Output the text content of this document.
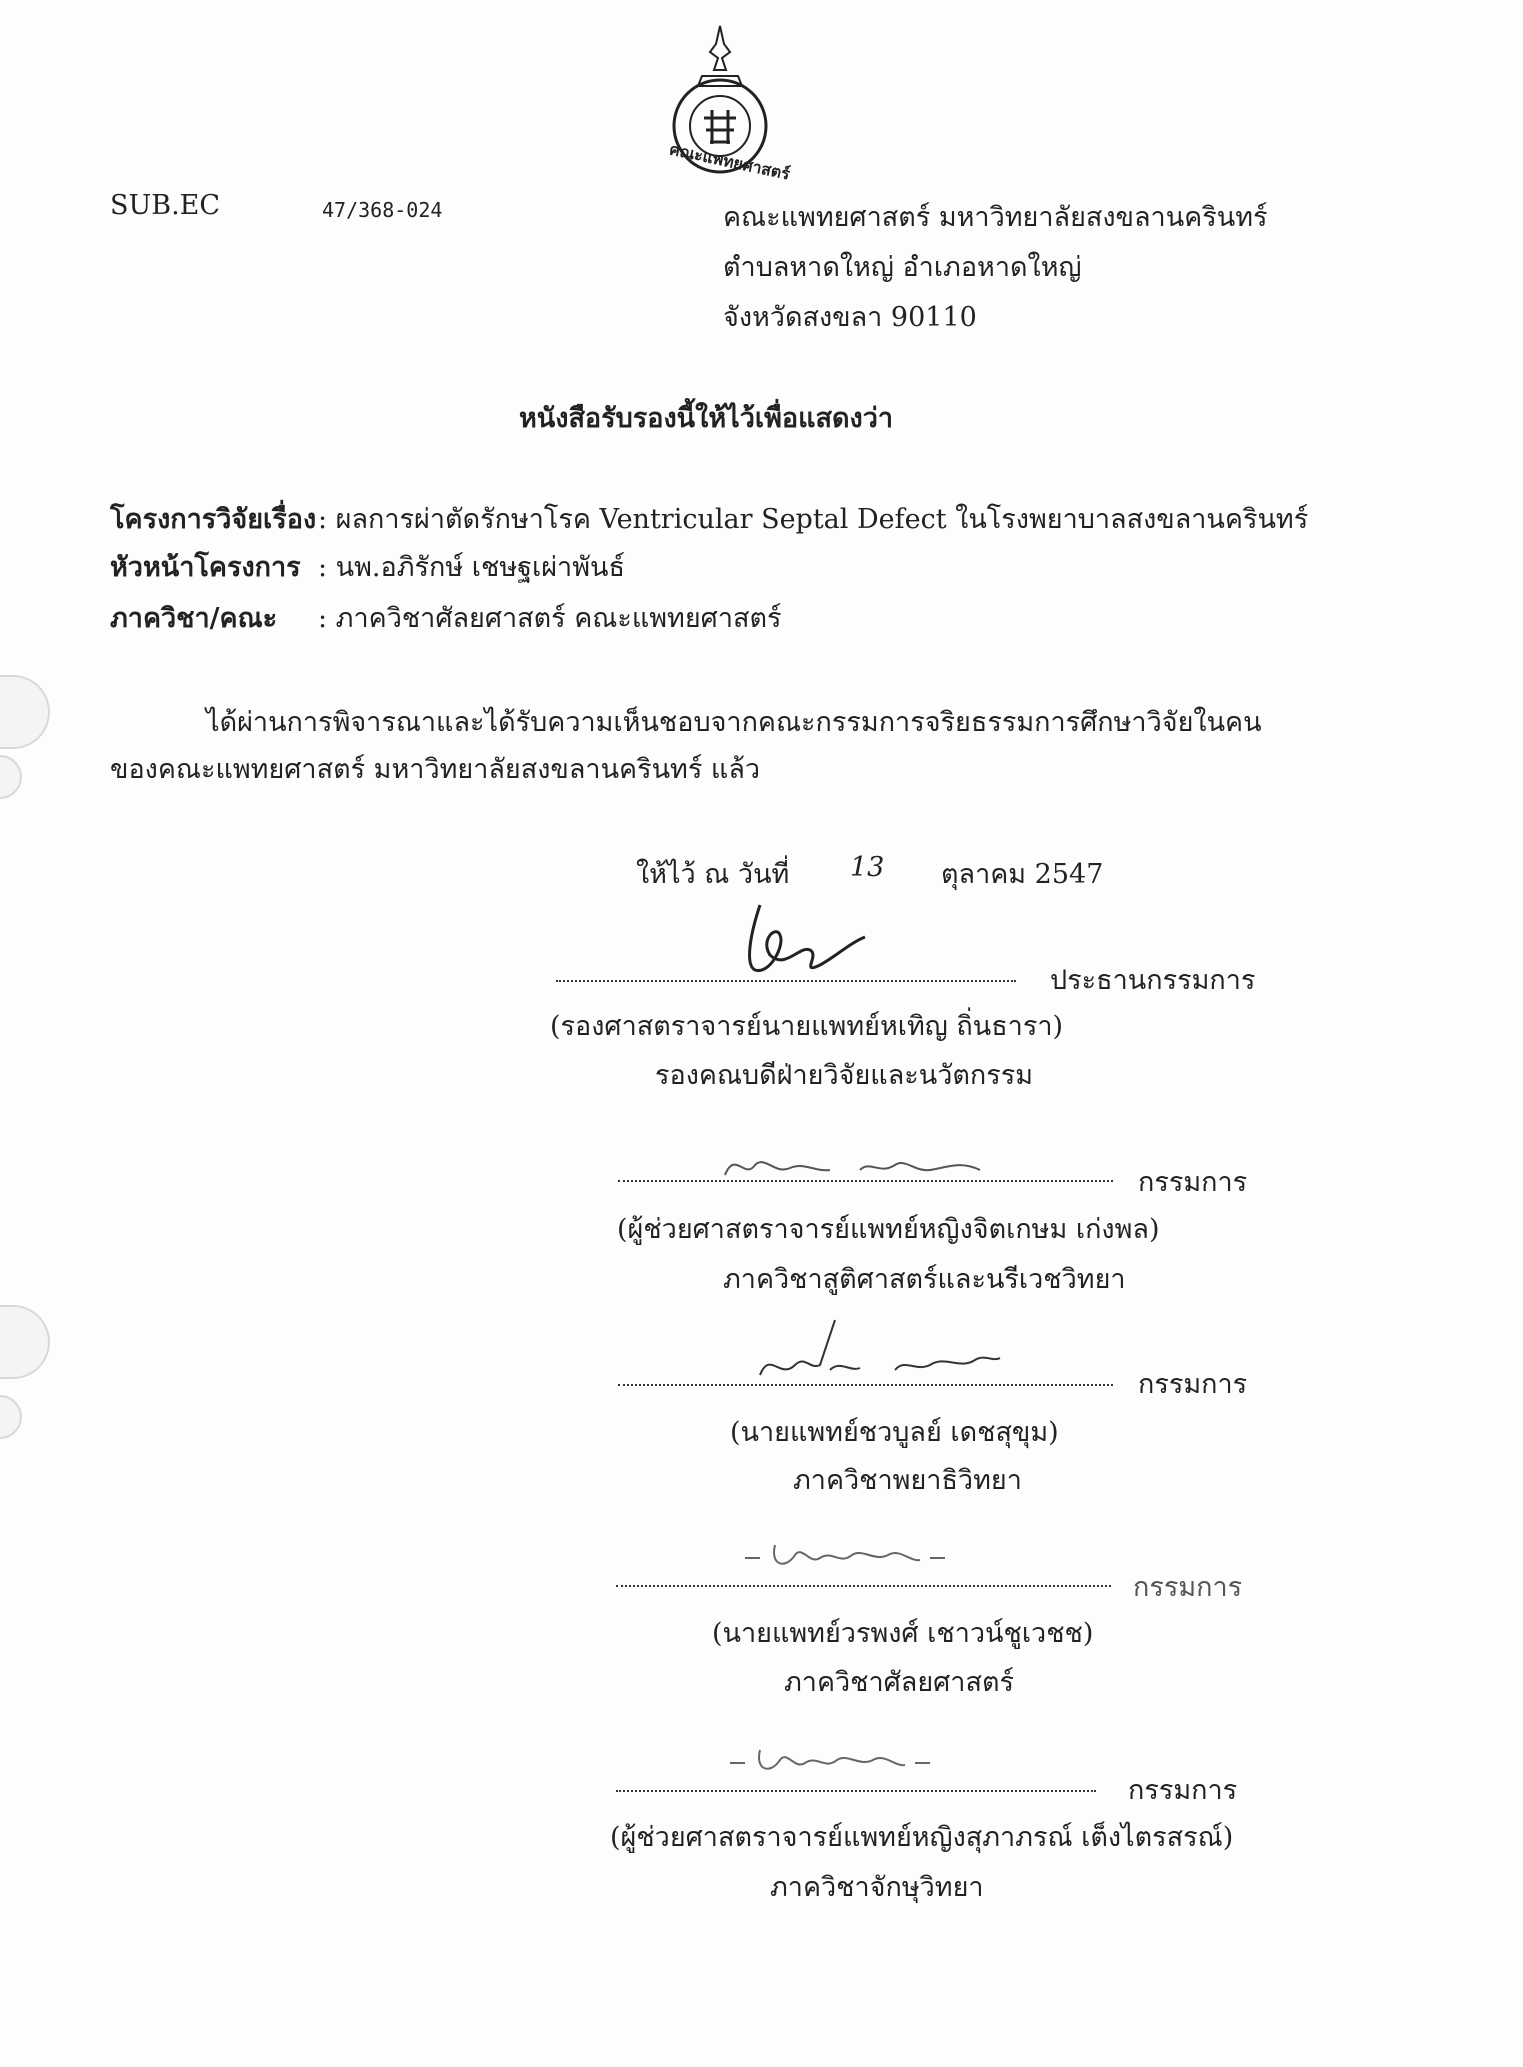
คณะแพทยศาสตร์
SUB.EC	47/368-024	คณะแพทยศาสตร์ มหาวิทยาลัยสงขลานครินทร์
ตำบลหาดใหญ่ อำเภอหาดใหญ่
จังหวัดสงขลา 90110
หนังสือรับรองนี้ให้ไว้เพื่อแสดงว่า
โครงการวิจัยเรื่อง : ผลการผ่าตัดรักษาโรค Ventricular Septal Defect ในโรงพยาบาลสงขลานครินทร์
หัวหน้าโครงการ : นพ.อภิรักษ์ เชษฐเผ่าพันธ์
ภาควิชา/คณะ : ภาควิชาศัลยศาสตร์ คณะแพทยศาสตร์
ได้ผ่านการพิจารณาและได้รับความเห็นชอบจากคณะกรรมการจริยธรรมการศึกษาวิจัยในคน
ของคณะแพทยศาสตร์ มหาวิทยาลัยสงขลานครินทร์ แล้ว
ให้ไว้ ณ วันที่ 13 ตุลาคม 2547
ประธานกรรมการ
(รองศาสตราจารย์นายแพทย์หเทิญ ถิ่นธารา)
รองคณบดีฝ่ายวิจัยและนวัตกรรม
กรรมการ
(ผู้ช่วยศาสตราจารย์แพทย์หญิงจิตเกษม เก่งพล)
ภาควิชาสูติศาสตร์และนรีเวชวิทยา
กรรมการ
(นายแพทย์ชวบูลย์ เดชสุขุม)
ภาควิชาพยาธิวิทยา
กรรมการ
(นายแพทย์วรพงศ์ เชาวน์ชูเวชช)
ภาควิชาศัลยศาสตร์
กรรมการ
(ผู้ช่วยศาสตราจารย์แพทย์หญิงสุภาภรณ์ เต็งไตรสรณ์)
ภาควิชาจักษุวิทยา
